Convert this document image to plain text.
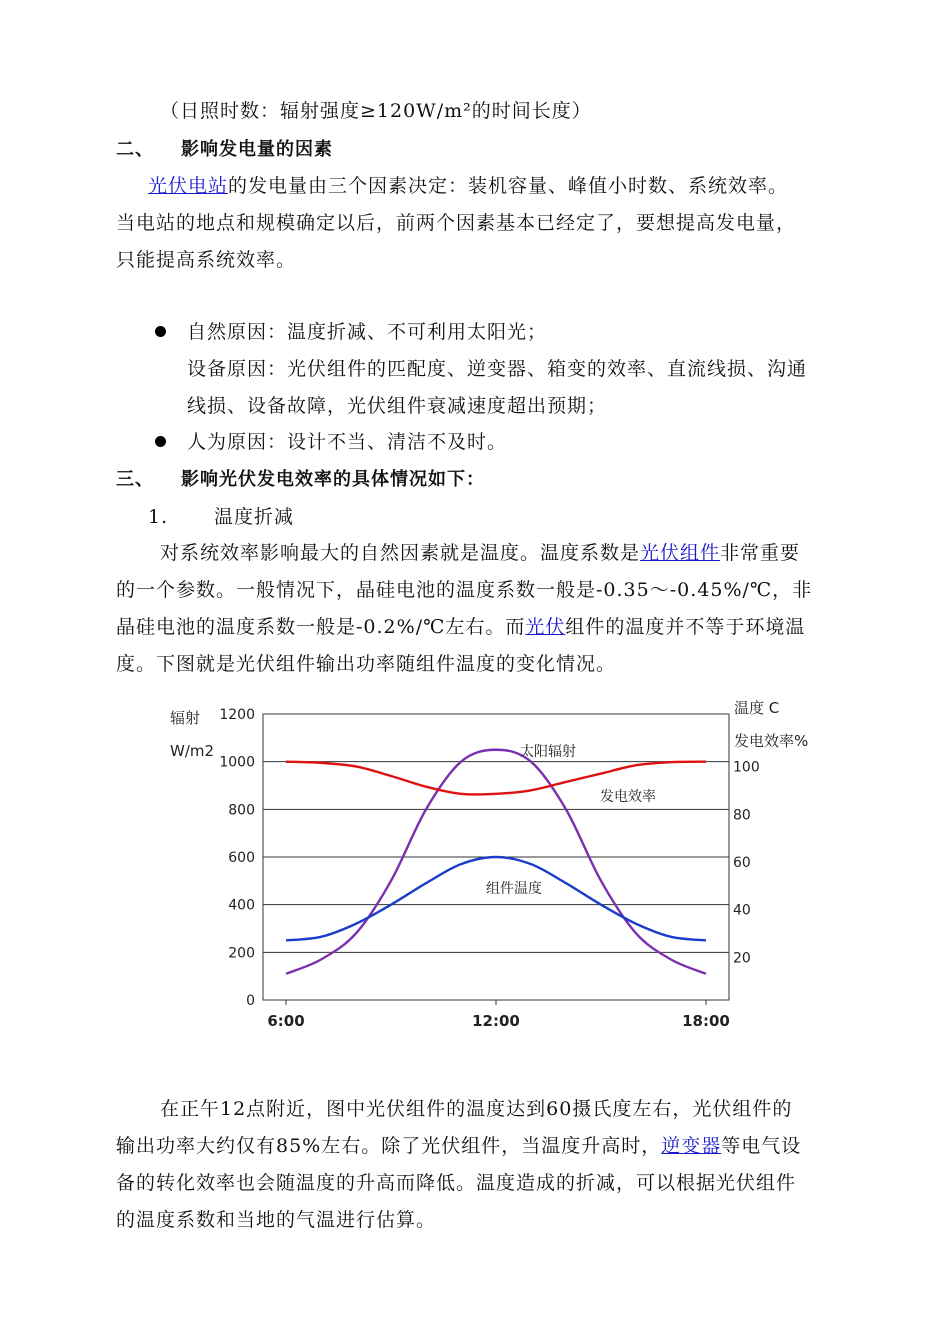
（日照时数：辐射强度≥120W/m²的时间长度）
二、 影响发电量的因素
光伏电站的发电量由三个因素决定：装机容量、峰值小时数、系统效率。
当电站的地点和规模确定以后，前两个因素基本已经定了，要想提高发电量，
只能提高系统效率。
自然原因：温度折减、不可利用太阳光；
设备原因：光伏组件的匹配度、逆变器、箱变的效率、直流线损、沟通
线损、设备故障，光伏组件衰减速度超出预期；
人为原因：设计不当、清洁不及时。
三、 影响光伏发电效率的具体情况如下：
1. 温度折减
对系统效率影响最大的自然因素就是温度。温度系数是光伏组件非常重要
的一个参数。一般情况下，晶硅电池的温度系数一般是-0.35～-0.45%/℃，非
晶硅电池的温度系数一般是-0.2%/℃左右。而光伏组件的温度并不等于环境温
度。下图就是光伏组件输出功率随组件温度的变化情况。
1200
1000
800
600
400
200
0
100
80
60
40
20
6:00	12:00	18:00
辐射
W/m2
温度 C
发电效率%
太阳辐射
发电效率
组件温度
在正午12点附近，图中光伏组件的温度达到60摄氏度左右，光伏组件的
输出功率大约仅有85%左右。除了光伏组件，当温度升高时，逆变器等电气设
备的转化效率也会随温度的升高而降低。温度造成的折减，可以根据光伏组件
的温度系数和当地的气温进行估算。
